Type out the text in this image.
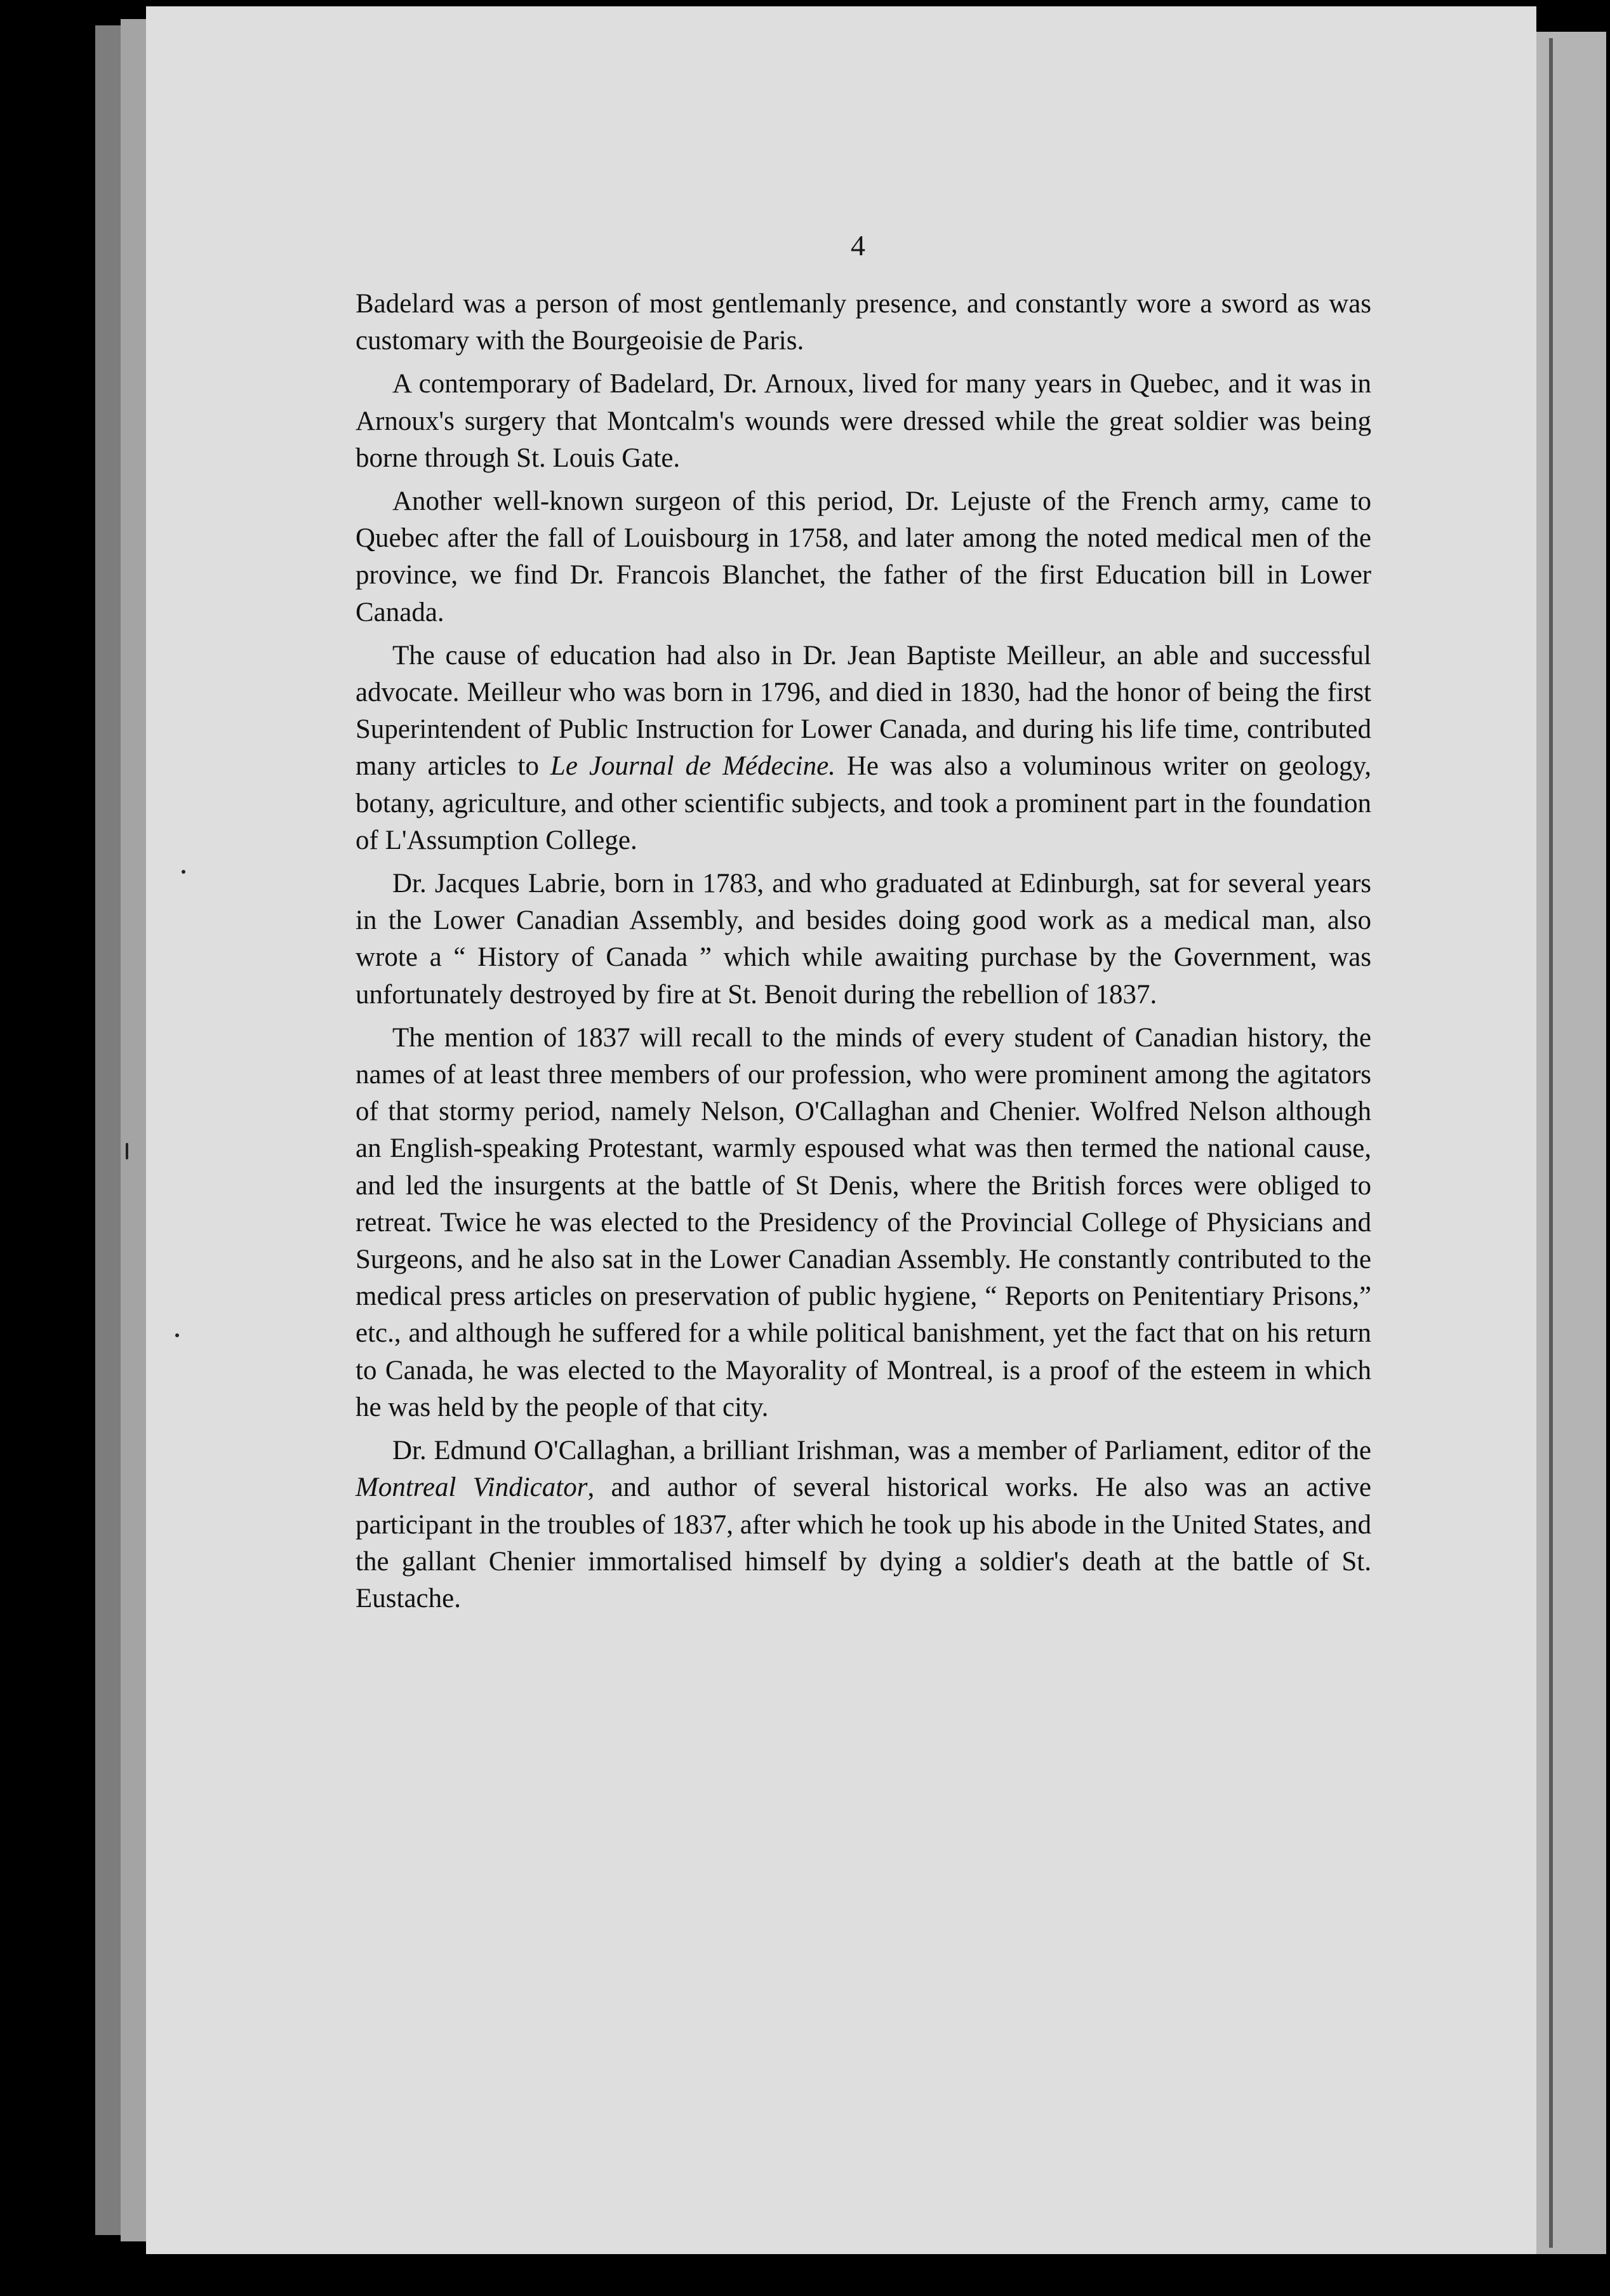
4

Badelard was a person of most gentlemanly presence, and constantly wore a sword as was customary with the Bourgeoisie de Paris.

A contemporary of Badelard, Dr. Arnoux, lived for many years in Quebec, and it was in Arnoux's surgery that Montcalm's wounds were dressed while the great soldier was being borne through St. Louis Gate.

Another well-known surgeon of this period, Dr. Lejuste of the French army, came to Quebec after the fall of Louisbourg in 1758, and later among the noted medical men of the province, we find Dr. Francois Blanchet, the father of the first Education bill in Lower Canada.

The cause of education had also in Dr. Jean Baptiste Meilleur, an able and successful advocate. Meilleur who was born in 1796, and died in 1830, had the honor of being the first Superintendent of Public Instruction for Lower Canada, and during his life time, contributed many articles to Le Journal de Médecine. He was also a voluminous writer on geology, botany, agriculture, and other scientific subjects, and took a prominent part in the foundation of L'Assumption College.

Dr. Jacques Labrie, born in 1783, and who graduated at Edinburgh, sat for several years in the Lower Canadian Assembly, and besides doing good work as a medical man, also wrote a “ History of Canada ” which while awaiting purchase by the Government, was unfortunately destroyed by fire at St. Benoit during the rebellion of 1837.

The mention of 1837 will recall to the minds of every student of Canadian history, the names of at least three members of our profession, who were prominent among the agitators of that stormy period, namely Nelson, O'Callaghan and Chenier. Wolfred Nelson although an English-speaking Protestant, warmly espoused what was then termed the national cause, and led the insurgents at the battle of St Denis, where the British forces were obliged to retreat. Twice he was elected to the Presidency of the Provincial College of Physicians and Surgeons, and he also sat in the Lower Canadian Assembly. He constantly contributed to the medical press articles on preservation of public hygiene, “ Reports on Penitentiary Prisons,” etc., and although he suffered for a while political banishment, yet the fact that on his return to Canada, he was elected to the Mayorality of Montreal, is a proof of the esteem in which he was held by the people of that city.

Dr. Edmund O'Callaghan, a brilliant Irishman, was a member of Parliament, editor of the Montreal Vindicator, and author of several historical works. He also was an active participant in the troubles of 1837, after which he took up his abode in the United States, and the gallant Chenier immortalised himself by dying a soldier's death at the battle of St. Eustache.
